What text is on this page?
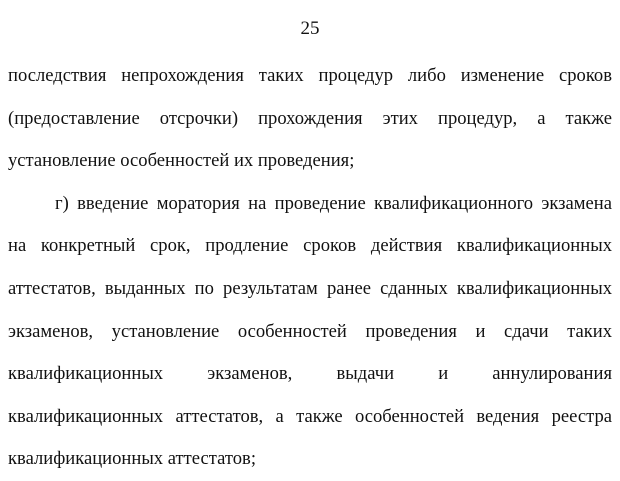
25
последствия непрохождения таких процедур либо изменение сроков
(предоставление отсрочки) прохождения этих процедур, а также
установление особенностей их проведения;
г) введение моратория на проведение квалификационного экзамена
на конкретный срок, продление сроков действия квалификационных
аттестатов, выданных по результатам ранее сданных квалификационных
экзаменов, установление особенностей проведения и сдачи таких
квалификационных экзаменов, выдачи и аннулирования
квалификационных аттестатов, а также особенностей ведения реестра
квалификационных аттестатов;
